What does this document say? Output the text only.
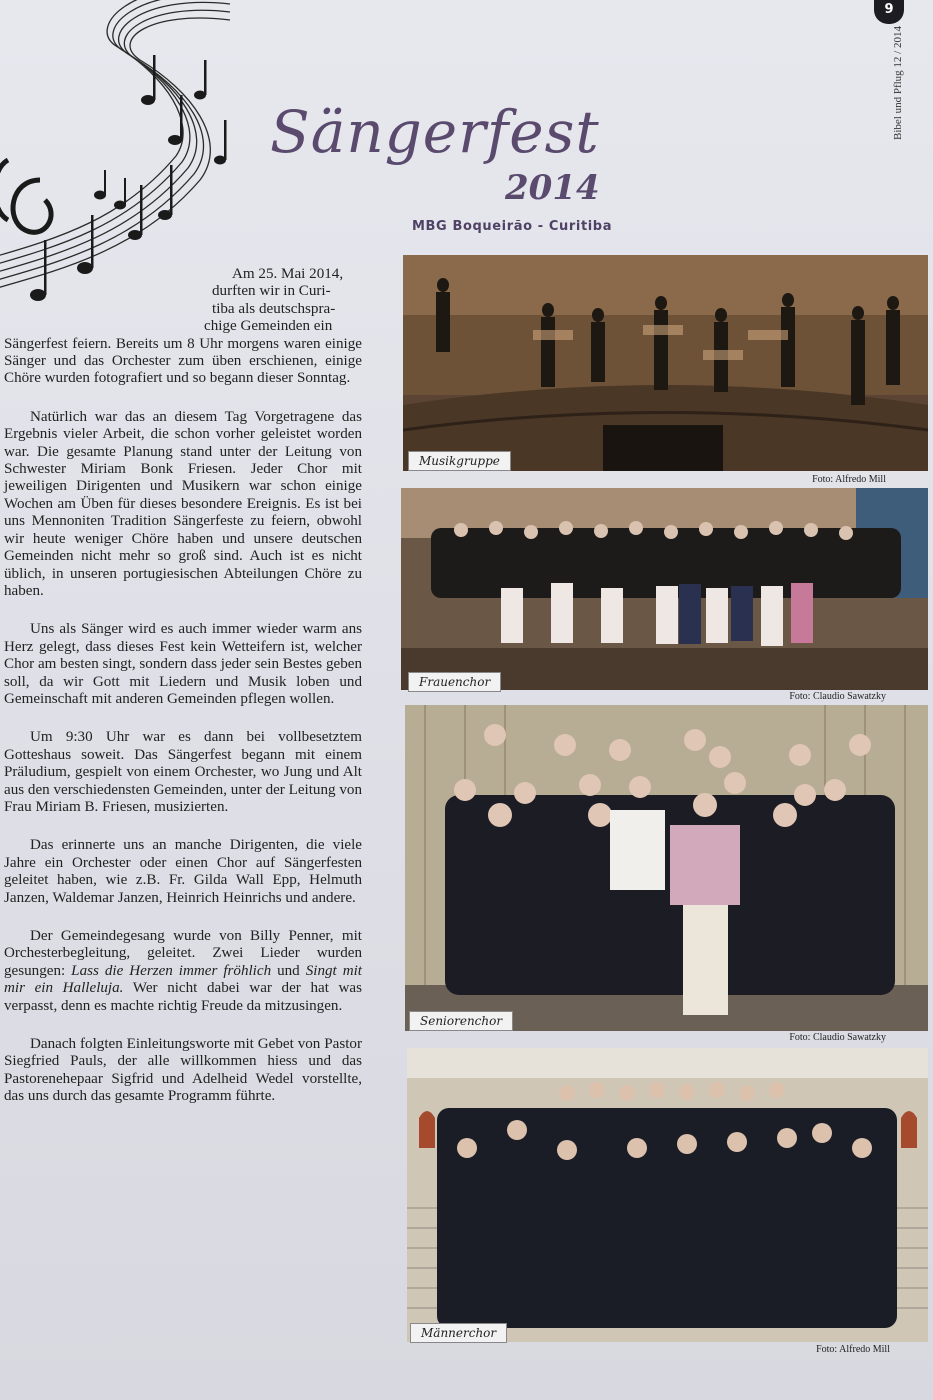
9
Bibel und Pflug 12 / 2014
Sängerfest
2014
MBG Boqueirão - Curitiba
Am 25. Mai 2014,
durften wir in Curi-
tiba als deutschspra-
chige Gemeinden ein

Sängerfest feiern. Bereits um 8 Uhr morgens waren einige Sänger und das Orchester zum üben erschienen, einige Chöre wurden fotografiert und so begann dieser Sonntag.

Natürlich war das an diesem Tag Vorgetragene das Ergebnis vieler Arbeit, die schon vorher geleistet worden war. Die gesamte Planung stand unter der Leitung von Schwester Miriam Bonk Friesen. Jeder Chor mit jeweiligen Dirigenten und Musikern war schon einige Wochen am Üben für dieses besondere Ereignis. Es ist bei uns Mennoniten Tradition Sängerfeste zu feiern, obwohl wir heute weniger Chöre haben und unsere deutschen Gemeinden nicht mehr so groß sind. Auch ist es nicht üblich, in unseren portugiesischen Abteilungen Chöre zu haben.

Uns als Sänger wird es auch immer wieder warm ans Herz gelegt, dass dieses Fest kein Wetteifern ist, welcher Chor am besten singt, sondern dass jeder sein Bestes geben soll, da wir Gott mit Liedern und Musik loben und Gemeinschaft mit anderen Gemeinden pflegen wollen.

Um 9:30 Uhr war es dann bei vollbesetztem Gotteshaus soweit. Das Sängerfest begann mit einem Präludium, gespielt von einem Orchester, wo Jung und Alt aus den verschiedensten Gemeinden, unter der Leitung von Frau Miriam B. Friesen, musizierten.

Das erinnerte uns an manche Dirigenten, die viele Jahre ein Orchester oder einen Chor auf Sängerfesten geleitet haben, wie z.B. Fr. Gilda Wall Epp, Helmuth Janzen, Waldemar Janzen, Heinrich Heinrichs und andere.

Der Gemeindegesang wurde von Billy Penner, mit Orchesterbegleitung, geleitet. Zwei Lieder wurden gesungen: Lass die Herzen immer fröhlich und Singt mit mir ein Halleluja. Wer nicht dabei war der hat was verpasst, denn es machte richtig Freude da mitzusingen.

Danach folgten Einleitungsworte mit Gebet von Pastor Siegfried Pauls, der alle willkommen hiess und das Pastorenehepaar Sigfrid und Adelheid Wedel vorstellte, das uns durch das gesamte Programm führte.

Musikgruppe
Foto: Alfredo Mill
Frauenchor
Foto: Claudio Sawatzky
Seniorenchor
Foto: Claudio Sawatzky
Männerchor
Foto: Alfredo Mill
